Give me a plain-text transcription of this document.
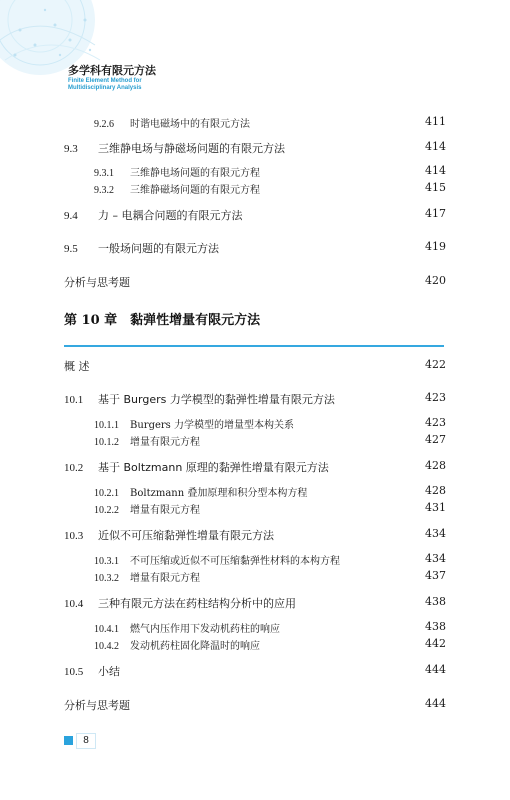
多学科有限元方法
Finite Element Method for
Multidisciplinary Analysis
9.2.6 时谐电磁场中的有限元方法	411
9.3 三维静电场与静磁场问题的有限元方法	414
9.3.1 三维静电场问题的有限元方程	414
9.3.2 三维静磁场问题的有限元方程	415
9.4 力 – 电耦合问题的有限元方法	417
9.5 一般场问题的有限元方法	419
分析与思考题	420
第 10 章　黏弹性增量有限元方法
概 述	422
10.1 基于 Burgers 力学模型的黏弹性增量有限元方法	423
10.1.1 Burgers 力学模型的增量型本构关系	423
10.1.2 增量有限元方程	427
10.2 基于 Boltzmann 原理的黏弹性增量有限元方法	428
10.2.1 Boltzmann 叠加原理和积分型本构方程	428
10.2.2 增量有限元方程	431
10.3 近似不可压缩黏弹性增量有限元方法	434
10.3.1 不可压缩或近似不可压缩黏弹性材料的本构方程	434
10.3.2 增量有限元方程	437
10.4 三种有限元方法在药柱结构分析中的应用	438
10.4.1 燃气内压作用下发动机药柱的响应	438
10.4.2 发动机药柱固化降温时的响应	442
10.5 小结	444
分析与思考题	444
8
